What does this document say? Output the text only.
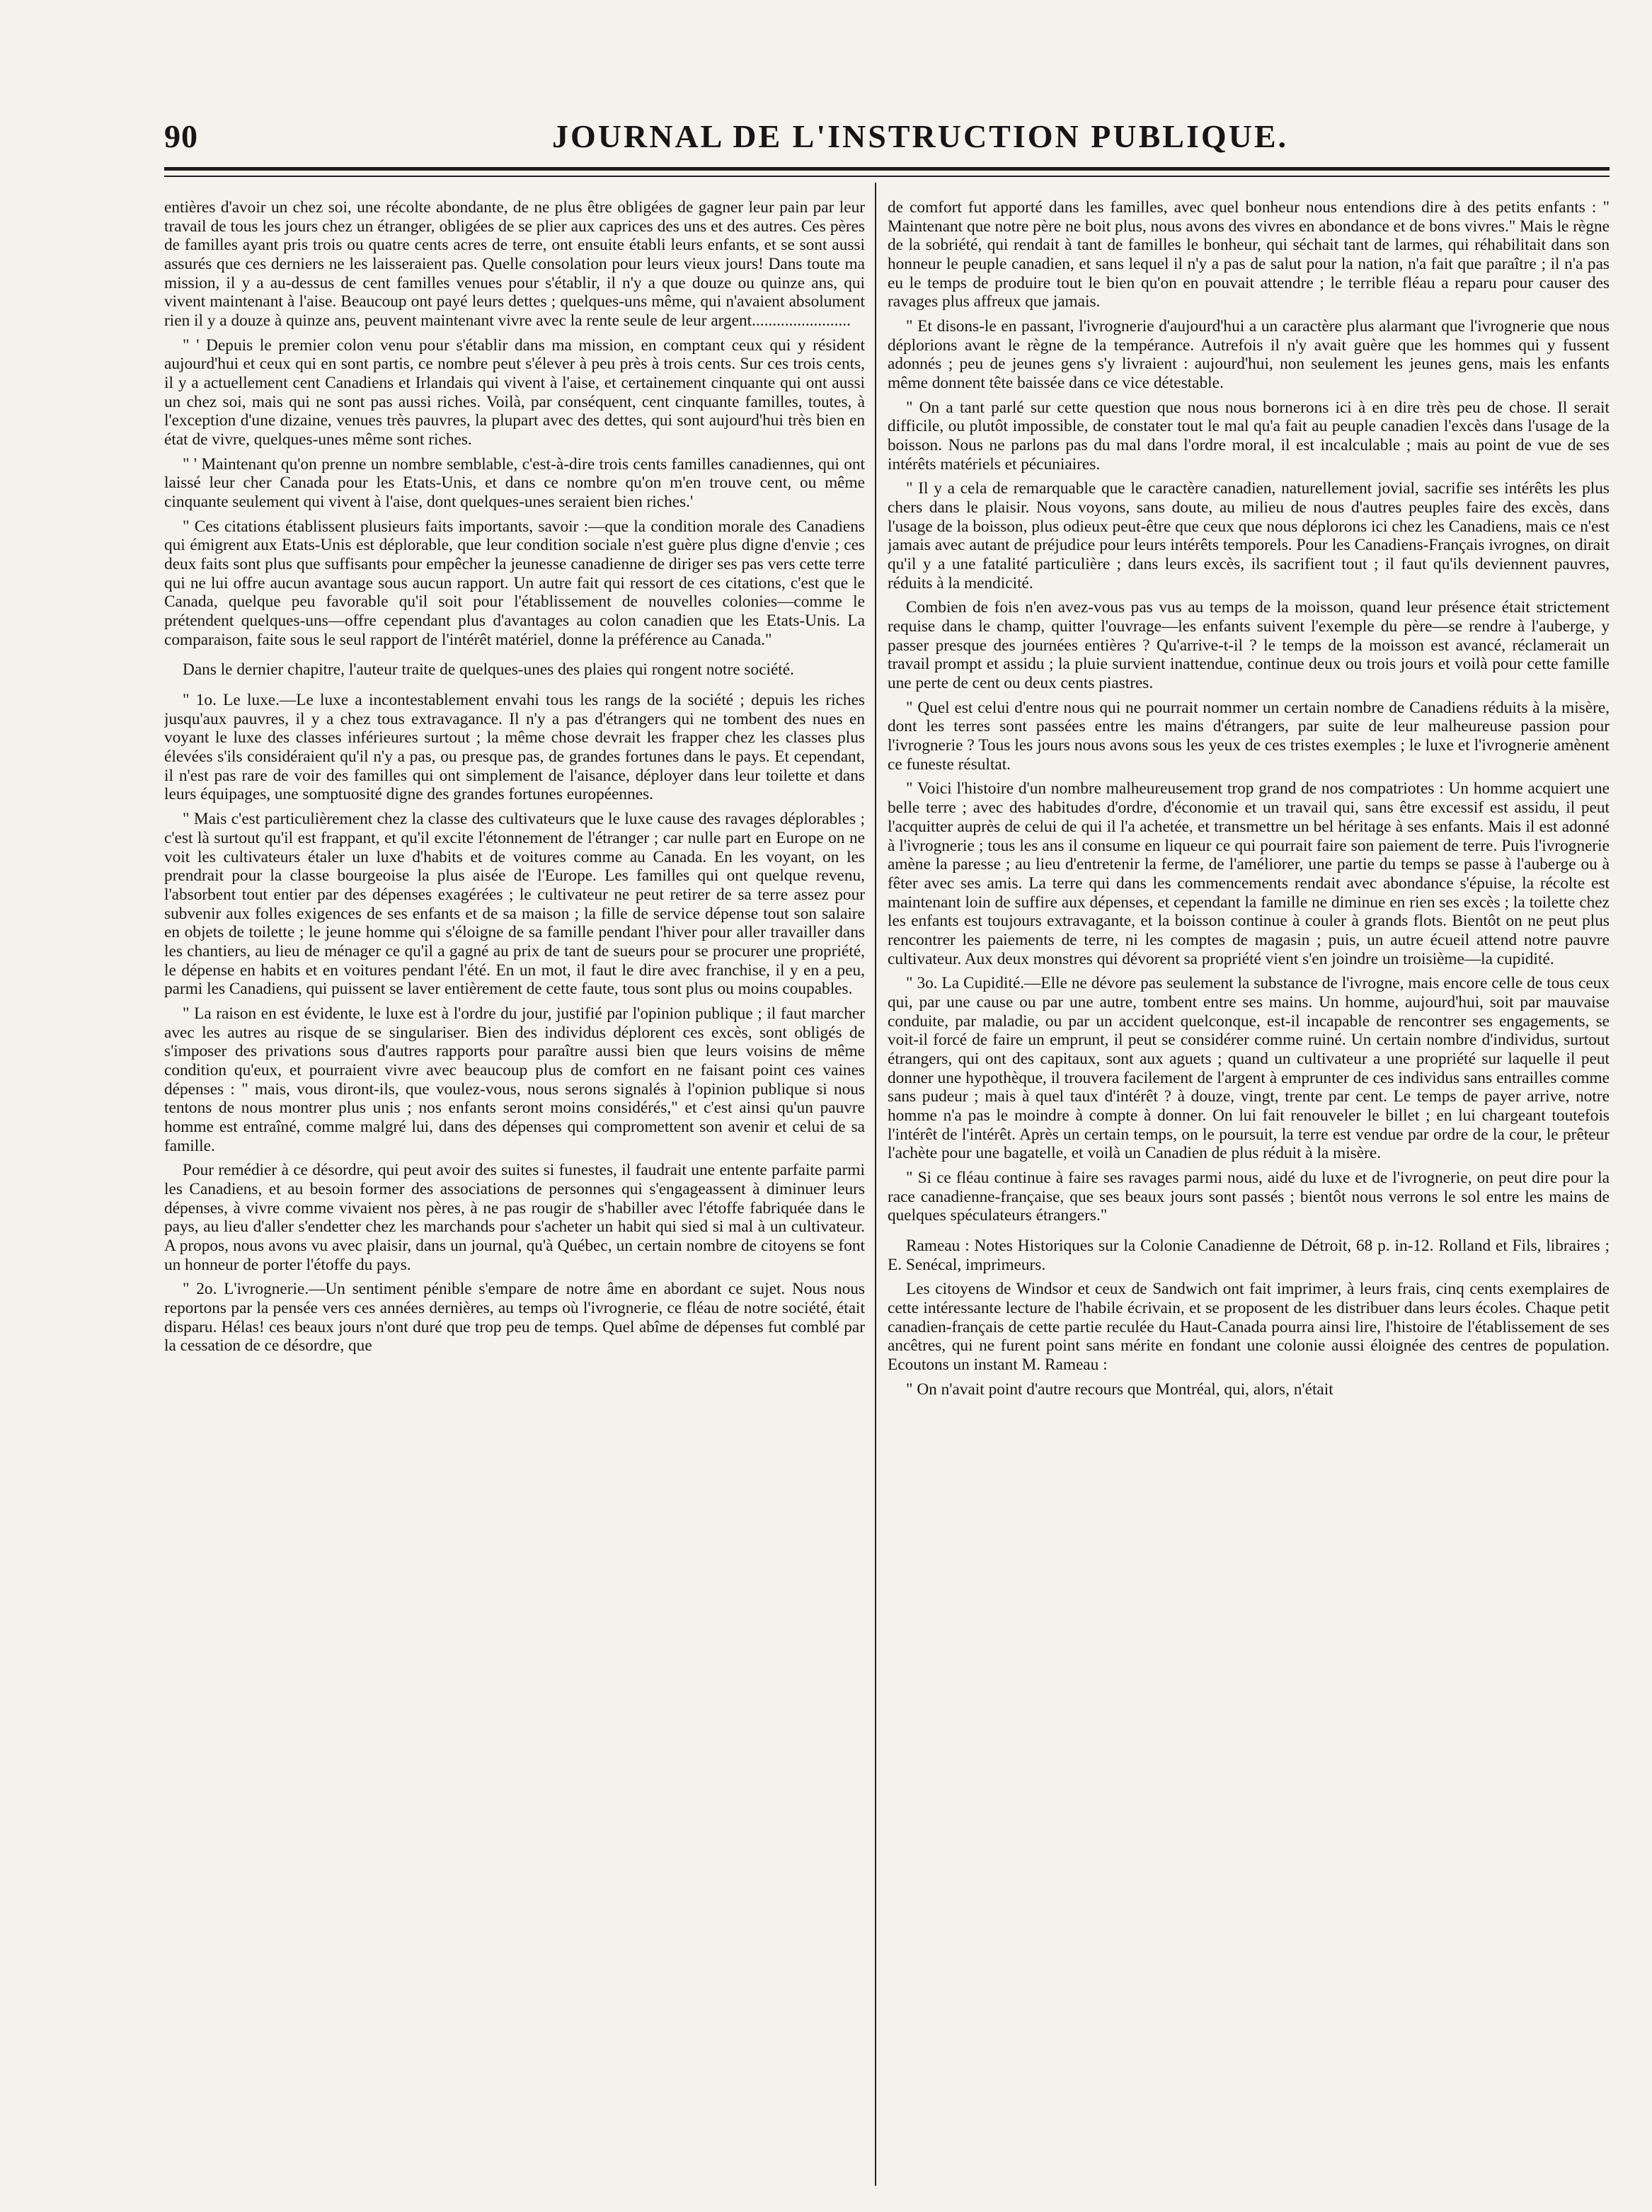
90	JOURNAL DE L'INSTRUCTION PUBLIQUE.

entières d'avoir un chez soi, une récolte abondante, de ne plus être obligées de gagner leur pain par leur travail de tous les jours chez un étranger, obligées de se plier aux caprices des uns et des autres. Ces pères de familles ayant pris trois ou quatre cents acres de terre, ont ensuite établi leurs enfants, et se sont aussi assurés que ces derniers ne les laisseraient pas. Quelle consolation pour leurs vieux jours! Dans toute ma mission, il y a au-dessus de cent familles venues pour s'établir, il n'y a que douze ou quinze ans, qui vivent maintenant à l'aise. Beaucoup ont payé leurs dettes ; quelques-uns même, qui n'avaient absolument rien il y a douze à quinze ans, peuvent maintenant vivre avec la rente seule de leur argent........................

" ' Depuis le premier colon venu pour s'établir dans ma mission, en comptant ceux qui y résident aujourd'hui et ceux qui en sont partis, ce nombre peut s'élever à peu près à trois cents. Sur ces trois cents, il y a actuellement cent Canadiens et Irlandais qui vivent à l'aise, et certainement cinquante qui ont aussi un chez soi, mais qui ne sont pas aussi riches. Voilà, par conséquent, cent cinquante familles, toutes, à l'exception d'une dizaine, venues très pauvres, la plupart avec des dettes, qui sont aujourd'hui très bien en état de vivre, quelques-unes même sont riches.

" ' Maintenant qu'on prenne un nombre semblable, c'est-à-dire trois cents familles canadiennes, qui ont laissé leur cher Canada pour les Etats-Unis, et dans ce nombre qu'on m'en trouve cent, ou même cinquante seulement qui vivent à l'aise, dont quelques-unes seraient bien riches.'

" Ces citations établissent plusieurs faits importants, savoir :—que la condition morale des Canadiens qui émigrent aux Etats-Unis est déplorable, que leur condition sociale n'est guère plus digne d'envie ; ces deux faits sont plus que suffisants pour empêcher la jeunesse canadienne de diriger ses pas vers cette terre qui ne lui offre aucun avantage sous aucun rapport. Un autre fait qui ressort de ces citations, c'est que le Canada, quelque peu favorable qu'il soit pour l'établissement de nouvelles colonies—comme le prétendent quelques-uns—offre cependant plus d'avantages au colon canadien que les Etats-Unis. La comparaison, faite sous le seul rapport de l'intérêt matériel, donne la préférence au Canada."

Dans le dernier chapitre, l'auteur traite de quelques-unes des plaies qui rongent notre société.

" 1o. Le luxe.—Le luxe a incontestablement envahi tous les rangs de la société ; depuis les riches jusqu'aux pauvres, il y a chez tous extravagance. Il n'y a pas d'étrangers qui ne tombent des nues en voyant le luxe des classes inférieures surtout ; la même chose devrait les frapper chez les classes plus élevées s'ils considéraient qu'il n'y a pas, ou presque pas, de grandes fortunes dans le pays. Et cependant, il n'est pas rare de voir des familles qui ont simplement de l'aisance, déployer dans leur toilette et dans leurs équipages, une somptuosité digne des grandes fortunes européennes.

" Mais c'est particulièrement chez la classe des cultivateurs que le luxe cause des ravages déplorables ; c'est là surtout qu'il est frappant, et qu'il excite l'étonnement de l'étranger ; car nulle part en Europe on ne voit les cultivateurs étaler un luxe d'habits et de voitures comme au Canada. En les voyant, on les prendrait pour la classe bourgeoise la plus aisée de l'Europe. Les familles qui ont quelque revenu, l'absorbent tout entier par des dépenses exagérées ; le cultivateur ne peut retirer de sa terre assez pour subvenir aux folles exigences de ses enfants et de sa maison ; la fille de service dépense tout son salaire en objets de toilette ; le jeune homme qui s'éloigne de sa famille pendant l'hiver pour aller travailler dans les chantiers, au lieu de ménager ce qu'il a gagné au prix de tant de sueurs pour se procurer une propriété, le dépense en habits et en voitures pendant l'été. En un mot, il faut le dire avec franchise, il y en a peu, parmi les Canadiens, qui puissent se laver entièrement de cette faute, tous sont plus ou moins coupables.

" La raison en est évidente, le luxe est à l'ordre du jour, justifié par l'opinion publique ; il faut marcher avec les autres au risque de se singulariser. Bien des individus déplorent ces excès, sont obligés de s'imposer des privations sous d'autres rapports pour paraître aussi bien que leurs voisins de même condition qu'eux, et pourraient vivre avec beaucoup plus de comfort en ne faisant point ces vaines dépenses : " mais, vous diront-ils, que voulez-vous, nous serons signalés à l'opinion publique si nous tentons de nous montrer plus unis ; nos enfants seront moins considérés," et c'est ainsi qu'un pauvre homme est entraîné, comme malgré lui, dans des dépenses qui compromettent son avenir et celui de sa famille.

Pour remédier à ce désordre, qui peut avoir des suites si funestes, il faudrait une entente parfaite parmi les Canadiens, et au besoin former des associations de personnes qui s'engageassent à diminuer leurs dépenses, à vivre comme vivaient nos pères, à ne pas rougir de s'habiller avec l'étoffe fabriquée dans le pays, au lieu d'aller s'endetter chez les marchands pour s'acheter un habit qui sied si mal à un cultivateur. A propos, nous avons vu avec plaisir, dans un journal, qu'à Québec, un certain nombre de citoyens se font un honneur de porter l'étoffe du pays.

" 2o. L'ivrognerie.—Un sentiment pénible s'empare de notre âme en abordant ce sujet. Nous nous reportons par la pensée vers ces années dernières, au temps où l'ivrognerie, ce fléau de notre société, était disparu. Hélas! ces beaux jours n'ont duré que trop peu de temps. Quel abîme de dépenses fut comblé par la cessation de ce désordre, que

de comfort fut apporté dans les familles, avec quel bonheur nous entendions dire à des petits enfants : " Maintenant que notre père ne boit plus, nous avons des vivres en abondance et de bons vivres." Mais le règne de la sobriété, qui rendait à tant de familles le bonheur, qui séchait tant de larmes, qui réhabilitait dans son honneur le peuple canadien, et sans lequel il n'y a pas de salut pour la nation, n'a fait que paraître ; il n'a pas eu le temps de produire tout le bien qu'on en pouvait attendre ; le terrible fléau a reparu pour causer des ravages plus affreux que jamais.

" Et disons-le en passant, l'ivrognerie d'aujourd'hui a un caractère plus alarmant que l'ivrognerie que nous déplorions avant le règne de la tempérance. Autrefois il n'y avait guère que les hommes qui y fussent adonnés ; peu de jeunes gens s'y livraient : aujourd'hui, non seulement les jeunes gens, mais les enfants même donnent tête baissée dans ce vice détestable.

" On a tant parlé sur cette question que nous nous bornerons ici à en dire très peu de chose. Il serait difficile, ou plutôt impossible, de constater tout le mal qu'a fait au peuple canadien l'excès dans l'usage de la boisson. Nous ne parlons pas du mal dans l'ordre moral, il est incalculable ; mais au point de vue de ses intérêts matériels et pécuniaires.

" Il y a cela de remarquable que le caractère canadien, naturellement jovial, sacrifie ses intérêts les plus chers dans le plaisir. Nous voyons, sans doute, au milieu de nous d'autres peuples faire des excès, dans l'usage de la boisson, plus odieux peut-être que ceux que nous déplorons ici chez les Canadiens, mais ce n'est jamais avec autant de préjudice pour leurs intérêts temporels. Pour les Canadiens-Français ivrognes, on dirait qu'il y a une fatalité particulière ; dans leurs excès, ils sacrifient tout ; il faut qu'ils deviennent pauvres, réduits à la mendicité.

Combien de fois n'en avez-vous pas vus au temps de la moisson, quand leur présence était strictement requise dans le champ, quitter l'ouvrage—les enfants suivent l'exemple du père—se rendre à l'auberge, y passer presque des journées entières ? Qu'arrive-t-il ? le temps de la moisson est avancé, réclamerait un travail prompt et assidu ; la pluie survient inattendue, continue deux ou trois jours et voilà pour cette famille une perte de cent ou deux cents piastres.

" Quel est celui d'entre nous qui ne pourrait nommer un certain nombre de Canadiens réduits à la misère, dont les terres sont passées entre les mains d'étrangers, par suite de leur malheureuse passion pour l'ivrognerie ? Tous les jours nous avons sous les yeux de ces tristes exemples ; le luxe et l'ivrognerie amènent ce funeste résultat.

" Voici l'histoire d'un nombre malheureusement trop grand de nos compatriotes : Un homme acquiert une belle terre ; avec des habitudes d'ordre, d'économie et un travail qui, sans être excessif est assidu, il peut l'acquitter auprès de celui de qui il l'a achetée, et transmettre un bel héritage à ses enfants. Mais il est adonné à l'ivrognerie ; tous les ans il consume en liqueur ce qui pourrait faire son paiement de terre. Puis l'ivrognerie amène la paresse ; au lieu d'entretenir la ferme, de l'améliorer, une partie du temps se passe à l'auberge ou à fêter avec ses amis. La terre qui dans les commencements rendait avec abondance s'épuise, la récolte est maintenant loin de suffire aux dépenses, et cependant la famille ne diminue en rien ses excès ; la toilette chez les enfants est toujours extravagante, et la boisson continue à couler à grands flots. Bientôt on ne peut plus rencontrer les paiements de terre, ni les comptes de magasin ; puis, un autre écueil attend notre pauvre cultivateur. Aux deux monstres qui dévorent sa propriété vient s'en joindre un troisième—la cupidité.

" 3o. La Cupidité.—Elle ne dévore pas seulement la substance de l'ivrogne, mais encore celle de tous ceux qui, par une cause ou par une autre, tombent entre ses mains. Un homme, aujourd'hui, soit par mauvaise conduite, par maladie, ou par un accident quelconque, est-il incapable de rencontrer ses engagements, se voit-il forcé de faire un emprunt, il peut se considérer comme ruiné. Un certain nombre d'individus, surtout étrangers, qui ont des capitaux, sont aux aguets ; quand un cultivateur a une propriété sur laquelle il peut donner une hypothèque, il trouvera facilement de l'argent à emprunter de ces individus sans entrailles comme sans pudeur ; mais à quel taux d'intérêt ? à douze, vingt, trente par cent. Le temps de payer arrive, notre homme n'a pas le moindre à compte à donner. On lui fait renouveler le billet ; en lui chargeant toutefois l'intérêt de l'intérêt. Après un certain temps, on le poursuit, la terre est vendue par ordre de la cour, le prêteur l'achète pour une bagatelle, et voilà un Canadien de plus réduit à la misère.

" Si ce fléau continue à faire ses ravages parmi nous, aidé du luxe et de l'ivrognerie, on peut dire pour la race canadienne-française, que ses beaux jours sont passés ; bientôt nous verrons le sol entre les mains de quelques spéculateurs étrangers."

Rameau : Notes Historiques sur la Colonie Canadienne de Détroit, 68 p. in-12. Rolland et Fils, libraires ; E. Senécal, imprimeurs.

Les citoyens de Windsor et ceux de Sandwich ont fait imprimer, à leurs frais, cinq cents exemplaires de cette intéressante lecture de l'habile écrivain, et se proposent de les distribuer dans leurs écoles. Chaque petit canadien-français de cette partie reculée du Haut-Canada pourra ainsi lire, l'histoire de l'établissement de ses ancêtres, qui ne furent point sans mérite en fondant une colonie aussi éloignée des centres de population. Ecoutons un instant M. Rameau :

" On n'avait point d'autre recours que Montréal, qui, alors, n'était
